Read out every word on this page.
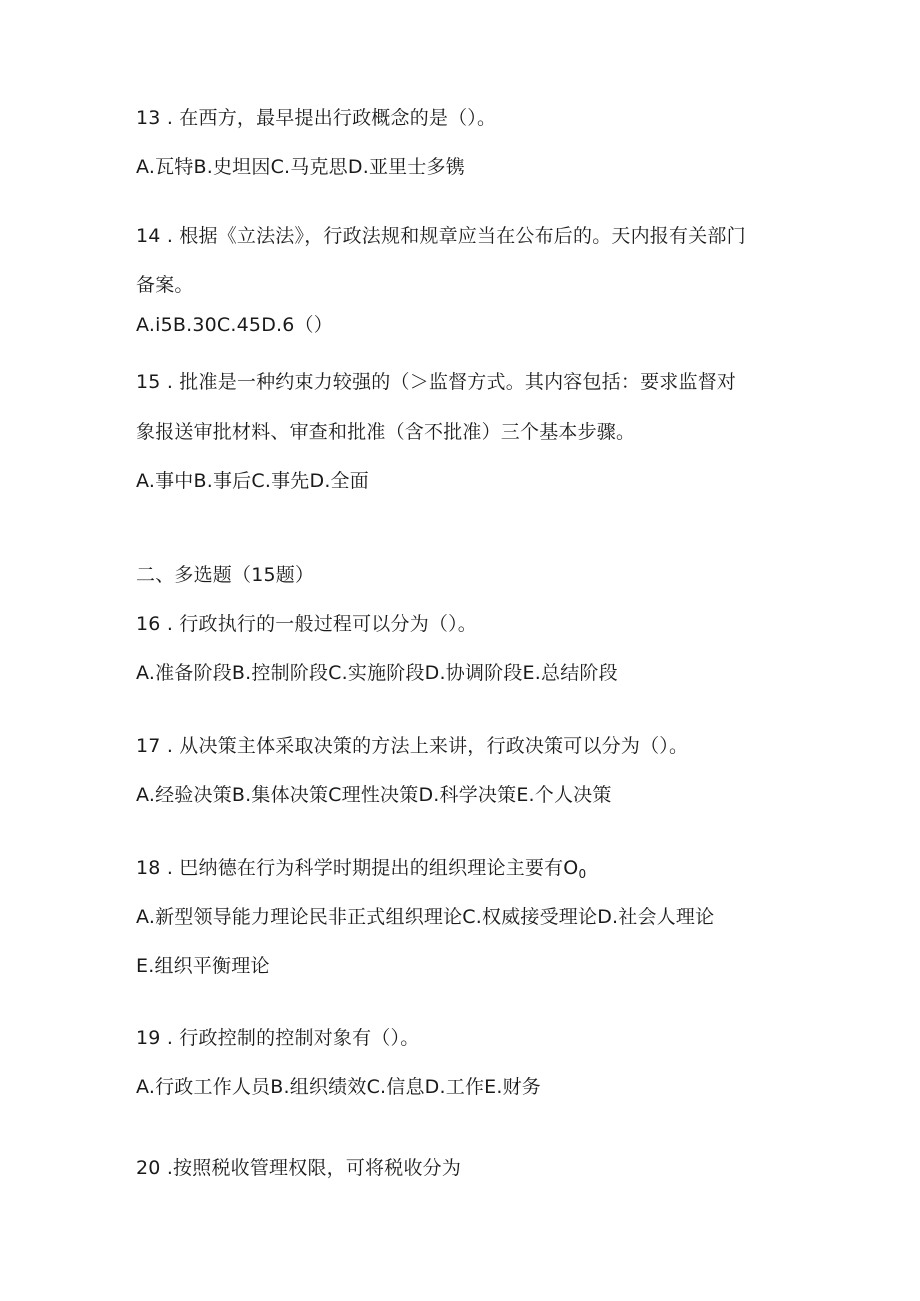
13 . 在西方，最早提出行政概念的是（）。
A.瓦特B.史坦因C.马克思D.亚里士多镌
14 . 根据《立法法》，行政法规和规章应当在公布后的。天内报有关部门
备案。
A.i5B.30C.45D.6（）
15 . 批准是一种约束力较强的（＞监督方式。其内容包括：要求监督对
象报送审批材料、审查和批准（含不批准）三个基本步骤。
A.事中B.事后C.事先D.全面
二、多选题（15题）
16 . 行政执行的一般过程可以分为（）。
A.准备阶段B.控制阶段C.实施阶段D.协调阶段E.总结阶段
17 . 从决策主体采取决策的方法上来讲，行政决策可以分为（）。
A.经验决策B.集体决策C理性决策D.科学决策E.个人决策
18 . 巴纳德在行为科学时期提出的组织理论主要有$O_0$
A.新型领导能力理论民非正式组织理论C.权威接受理论D.社会人理论
E.组织平衡理论
19 . 行政控制的控制对象有（）。
A.行政工作人员B.组织绩效C.信息D.工作E.财务
20 .按照税收管理权限，可将税收分为
